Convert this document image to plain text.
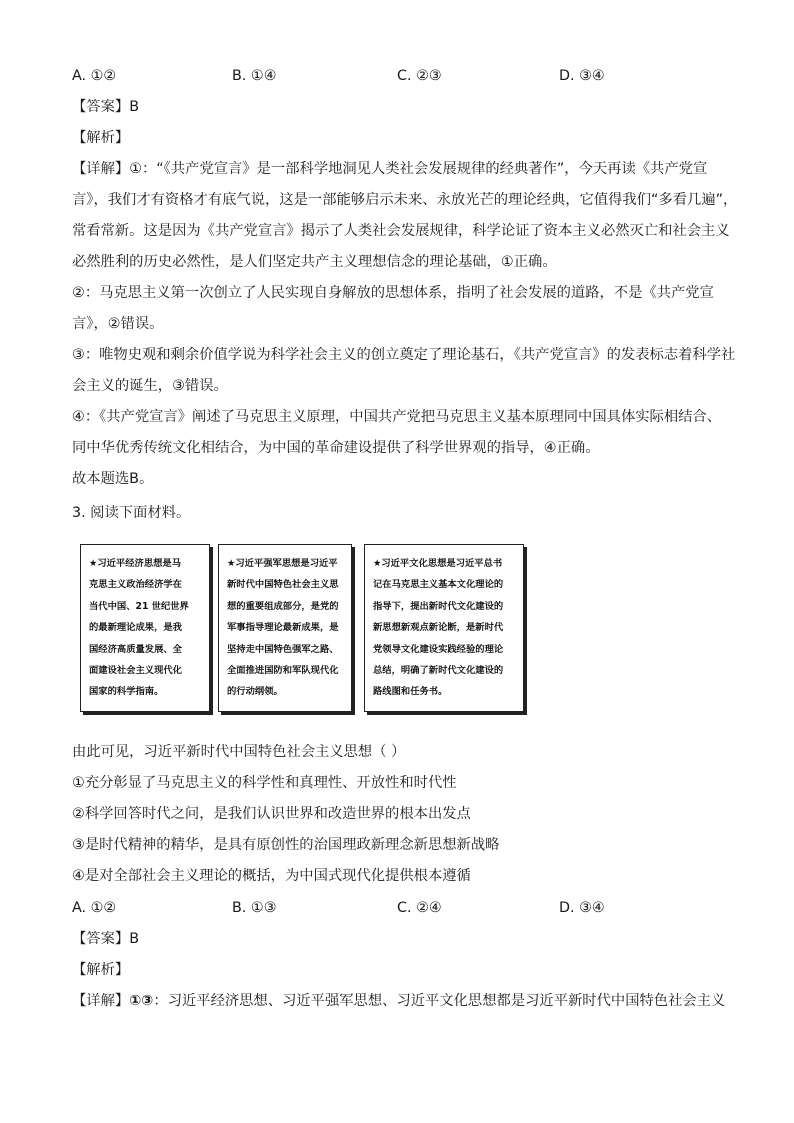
A. ①②	B. ①④	C. ②③	D. ③④
【答案】B
【解析】
【详解】①：“《共产党宣言》是一部科学地洞见人类社会发展规律的经典著作”，今天再读《共产党宣
言》，我们才有资格才有底气说，这是一部能够启示未来、永放光芒的理论经典，它值得我们“多看几遍”，
常看常新。这是因为《共产党宣言》揭示了人类社会发展规律，科学论证了资本主义必然灭亡和社会主义
必然胜利的历史必然性，是人们坚定共产主义理想信念的理论基础，①正确。
②：马克思主义第一次创立了人民实现自身解放的思想体系，指明了社会发展的道路，不是《共产党宣
言》，②错误。
③：唯物史观和剩余价值学说为科学社会主义的创立奠定了理论基石，《共产党宣言》的发表标志着科学社
会主义的诞生，③错误。
④：《共产党宣言》阐述了马克思主义原理，中国共产党把马克思主义基本原理同中国具体实际相结合、
同中华优秀传统文化相结合，为中国的革命建设提供了科学世界观的指导，④正确。
故本题选B。
3. 阅读下面材料。
★习近平经济思想是马
克思主义政治经济学在
当代中国、21 世纪世界
的最新理论成果，是我
国经济高质量发展、全
面建设社会主义现代化
国家的科学指南。
★习近平强军思想是习近平
新时代中国特色社会主义思
想的重要组成部分，是党的
军事指导理论最新成果，是
坚持走中国特色强军之路、
全面推进国防和军队现代化
的行动纲领。
★习近平文化思想是习近平总书
记在马克思主义基本文化理论的
指导下，提出新时代文化建设的
新思想新观点新论断，是新时代
党领导文化建设实践经验的理论
总结，明确了新时代文化建设的
路线图和任务书。
由此可见，习近平新时代中国特色社会主义思想（ ）
①充分彰显了马克思主义的科学性和真理性、开放性和时代性
②科学回答时代之问，是我们认识世界和改造世界的根本出发点
③是时代精神的精华，是具有原创性的治国理政新理念新思想新战略
④是对全部社会主义理论的概括，为中国式现代化提供根本遵循
A. ①②	B. ①③	C. ②④	D. ③④
【答案】B
【解析】
【详解】①③：习近平经济思想、习近平强军思想、习近平文化思想都是习近平新时代中国特色社会主义
